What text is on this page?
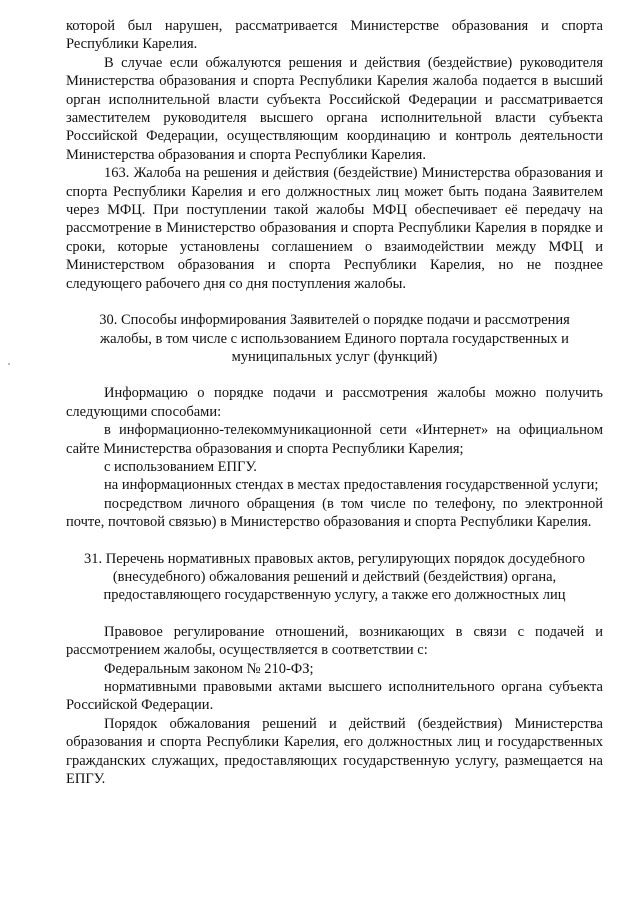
которой был нарушен, рассматривается Министерстве образования и спорта Республики Карелия.

В случае если обжалуются решения и действия (бездействие) руководителя Министерства образования и спорта Республики Карелия жалоба подается в высший орган исполнительной власти субъекта Российской Федерации и рассматривается заместителем руководителя высшего органа исполнительной власти субъекта Российской Федерации, осуществляющим координацию и контроль деятельности Министерства образования и спорта Республики Карелия.

163. Жалоба на решения и действия (бездействие) Министерства образования и спорта Республики Карелия и его должностных лиц может быть подана Заявителем через МФЦ. При поступлении такой жалобы МФЦ обеспечивает её передачу на рассмотрение в Министерство образования и спорта Республики Карелия в порядке и сроки, которые установлены соглашением о взаимодействии между МФЦ и Министерством образования и спорта Республики Карелия, но не позднее следующего рабочего дня со дня поступления жалобы.

30. Способы информирования Заявителей о порядке подачи и рассмотрения жалобы, в том числе с использованием Единого портала государственных и муниципальных услуг (функций)

Информацию о порядке подачи и рассмотрения жалобы можно получить следующими способами:

в информационно-телекоммуникационной сети «Интернет» на официальном сайте Министерства образования и спорта Республики Карелия;

с использованием ЕПГУ.

на информационных стендах в местах предоставления государственной услуги;

посредством личного обращения (в том числе по телефону, по электронной почте, почтовой связью) в Министерство образования и спорта Республики Карелия.

31. Перечень нормативных правовых актов, регулирующих порядок досудебного (внесудебного) обжалования решений и действий (бездействия) органа, предоставляющего государственную услугу, а также его должностных лиц

Правовое регулирование отношений, возникающих в связи с подачей и рассмотрением жалобы, осуществляется в соответствии с:

Федеральным законом № 210-ФЗ;

нормативными правовыми актами высшего исполнительного органа субъекта Российской Федерации.

Порядок обжалования решений и действий (бездействия) Министерства образования и спорта Республики Карелия, его должностных лиц и государственных гражданских служащих, предоставляющих государственную услугу, размещается на ЕПГУ.
